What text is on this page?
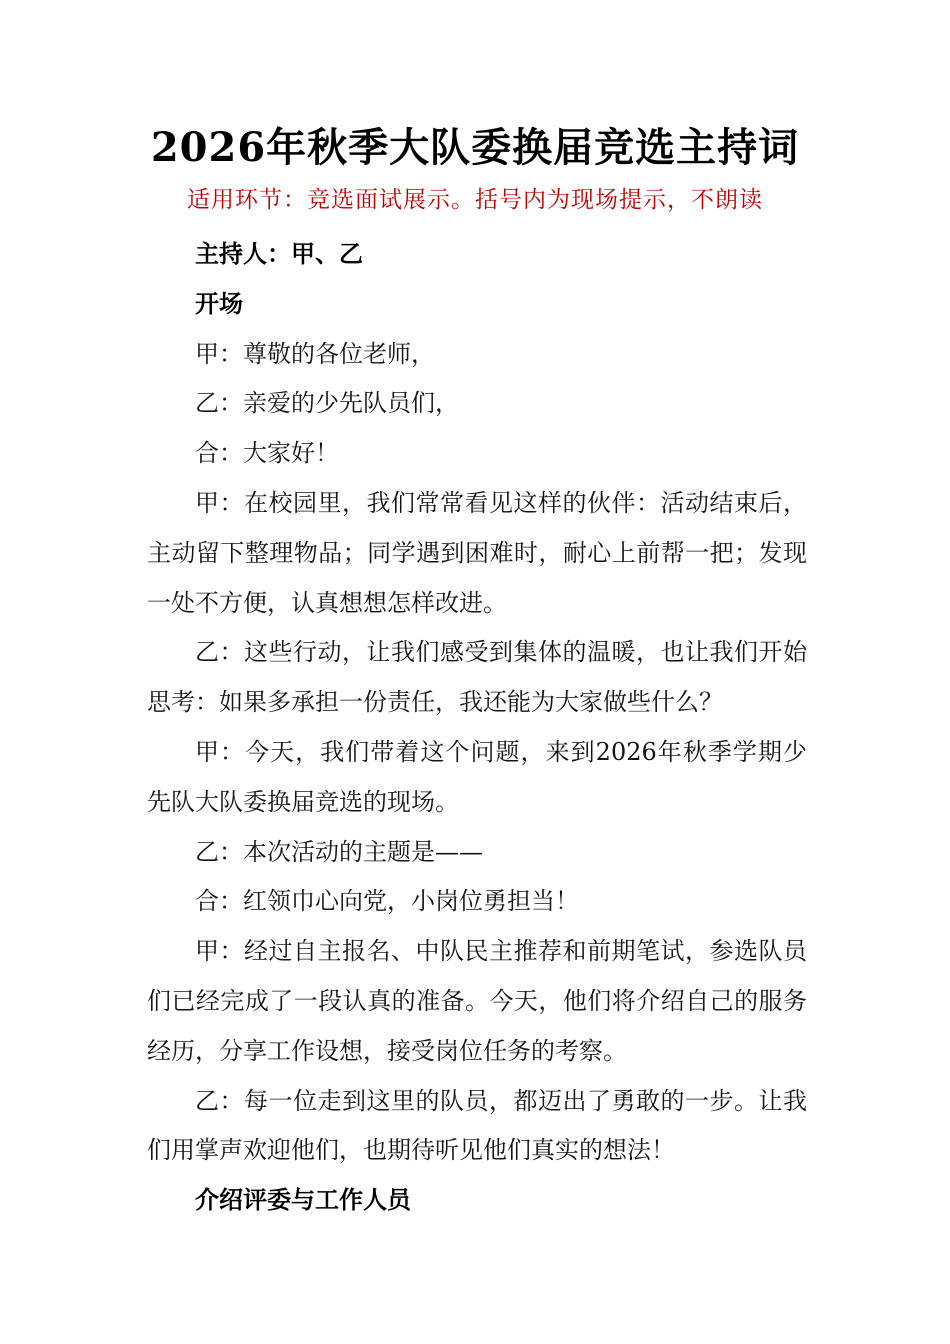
2026年秋季大队委换届竞选主持词
适用环节：竞选面试展示。括号内为现场提示，不朗读

主持人：甲、乙

开场

甲：尊敬的各位老师，

乙：亲爱的少先队员们，

合：大家好！

甲：在校园里，我们常常看见这样的伙伴：活动结束后，主动留下整理物品；同学遇到困难时，耐心上前帮一把；发现一处不方便，认真想想怎样改进。

乙：这些行动，让我们感受到集体的温暖，也让我们开始思考：如果多承担一份责任，我还能为大家做些什么？

甲：今天，我们带着这个问题，来到2026年秋季学期少先队大队委换届竞选的现场。

乙：本次活动的主题是——

合：红领巾心向党，小岗位勇担当！

甲：经过自主报名、中队民主推荐和前期笔试，参选队员们已经完成了一段认真的准备。今天，他们将介绍自己的服务经历，分享工作设想，接受岗位任务的考察。

乙：每一位走到这里的队员，都迈出了勇敢的一步。让我们用掌声欢迎他们，也期待听见他们真实的想法！

介绍评委与工作人员
